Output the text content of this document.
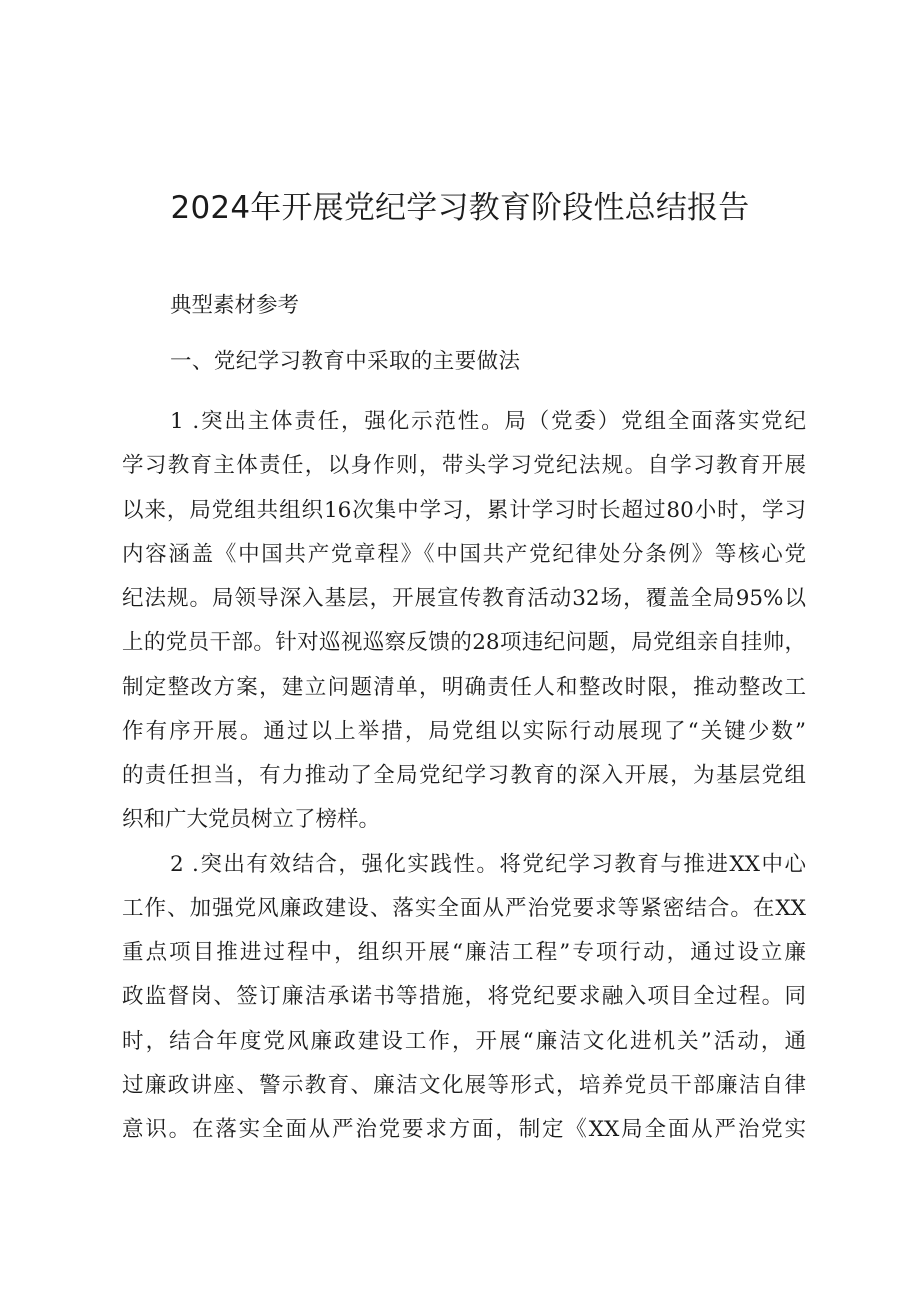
2024年开展党纪学习教育阶段性总结报告
典型素材参考
一、党纪学习教育中采取的主要做法
1 .突出主体责任，强化示范性。局（党委）党组全面落实党纪
学习教育主体责任，以身作则，带头学习党纪法规。自学习教育开展
以来，局党组共组织16次集中学习，累计学习时长超过80小时，学习
内容涵盖《中国共产党章程》《中国共产党纪律处分条例》等核心党
纪法规。局领导深入基层，开展宣传教育活动32场，覆盖全局95%以
上的党员干部。针对巡视巡察反馈的28项违纪问题，局党组亲自挂帅，
制定整改方案，建立问题清单，明确责任人和整改时限，推动整改工
作有序开展。通过以上举措，局党组以实际行动展现了“关键少数”
的责任担当，有力推动了全局党纪学习教育的深入开展，为基层党组
织和广大党员树立了榜样。
2 .突出有效结合，强化实践性。将党纪学习教育与推进XX中心
工作、加强党风廉政建设、落实全面从严治党要求等紧密结合。在XX
重点项目推进过程中，组织开展“廉洁工程”专项行动，通过设立廉
政监督岗、签订廉洁承诺书等措施，将党纪要求融入项目全过程。同
时，结合年度党风廉政建设工作，开展“廉洁文化进机关”活动，通
过廉政讲座、警示教育、廉洁文化展等形式，培养党员干部廉洁自律
意识。在落实全面从严治党要求方面，制定《XX局全面从严治党实
